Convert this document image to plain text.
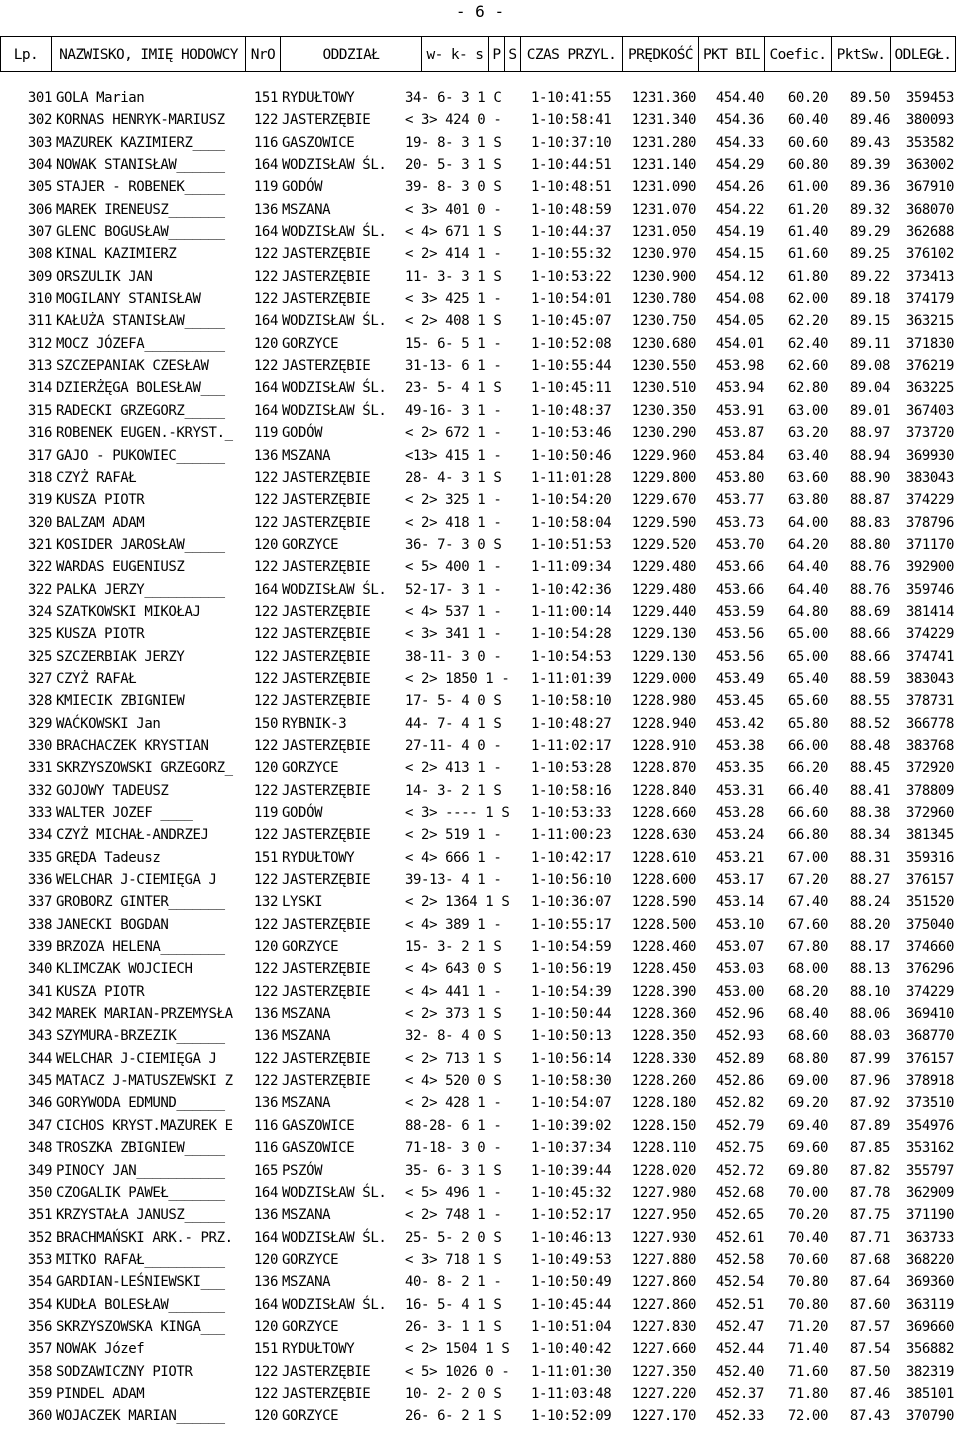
- 6 -
Lp.	NAZWISKO, IMIĘ HODOWCY NrO	ODDZIAŁ	w- k- s P S CZAS PRZYL. PRĘDKOŚĆ PKT BIL Coefic. PktSw. ODLEGŁ.
301 GOLA Marian	151 RYDUŁTOWY	34- 6- 3 1 C	1-10:41:55	1231.360	454.40	60.20	89.50	359453
302 KORNAS HENRYK-MARIUSZ	122 JASTERZĘBIE	< 3> 424 0 -	1-10:58:41	1231.340	454.36	60.40	89.46	380093
303 MAZUREK KAZIMIERZ____	116 GASZOWICE	19- 8- 3 1 S	1-10:37:10	1231.280	454.33	60.60	89.43	353582
304 NOWAK STANISŁAW______	164 WODZISŁAW ŚL.	20- 5- 3 1 S	1-10:44:51	1231.140	454.29	60.80	89.39	363002
305 STAJER - ROBENEK_____	119 GODÓW	39- 8- 3 0 S	1-10:48:51	1231.090	454.26	61.00	89.36	367910
306 MAREK IRENEUSZ_______	136 MSZANA	< 3> 401 0 -	1-10:48:59	1231.070	454.22	61.20	89.32	368070
307 GLENC BOGUSŁAW_______	164 WODZISŁAW ŚL.	< 4> 671 1 S	1-10:44:37	1231.050	454.19	61.40	89.29	362688
308 KINAL KAZIMIERZ	122 JASTERZĘBIE	< 2> 414 1 -	1-10:55:32	1230.970	454.15	61.60	89.25	376102
309 ORSZULIK JAN	122 JASTERZĘBIE	11- 3- 3 1 S	1-10:53:22	1230.900	454.12	61.80	89.22	373413
310 MOGILANY STANISŁAW	122 JASTERZĘBIE	< 3> 425 1 -	1-10:54:01	1230.780	454.08	62.00	89.18	374179
311 KAŁUŻA STANISŁAW_____	164 WODZISŁAW ŚL.	< 2> 408 1 S	1-10:45:07	1230.750	454.05	62.20	89.15	363215
312 MOCZ JÓZEFA__________	120 GORZYCE	15- 6- 5 1 -	1-10:52:08	1230.680	454.01	62.40	89.11	371830
313 SZCZEPANIAK CZESŁAW	122 JASTERZĘBIE	31-13- 6 1 -	1-10:55:44	1230.550	453.98	62.60	89.08	376219
314 DZIERŻĘGA BOLESŁAW___	164 WODZISŁAW ŚL.	23- 5- 4 1 S	1-10:45:11	1230.510	453.94	62.80	89.04	363225
315 RADECKI GRZEGORZ_____	164 WODZISŁAW ŚL.	49-16- 3 1 -	1-10:48:37	1230.350	453.91	63.00	89.01	367403
316 ROBENEK EUGEN.-KRYST._	119 GODÓW	< 2> 672 1 -	1-10:53:46	1230.290	453.87	63.20	88.97	373720
317 GAJO - PUKOWIEC______	136 MSZANA	<13> 415 1 -	1-10:50:46	1229.960	453.84	63.40	88.94	369930
318 CZYŻ RAFAŁ	122 JASTERZĘBIE	28- 4- 3 1 S	1-11:01:28	1229.800	453.80	63.60	88.90	383043
319 KUSZA PIOTR	122 JASTERZĘBIE	< 2> 325 1 -	1-10:54:20	1229.670	453.77	63.80	88.87	374229
320 BALZAM ADAM	122 JASTERZĘBIE	< 2> 418 1 -	1-10:58:04	1229.590	453.73	64.00	88.83	378796
321 KOSIDER JAROSŁAW_____	120 GORZYCE	36- 7- 3 0 S	1-10:51:53	1229.520	453.70	64.20	88.80	371170
322 WARDAS EUGENIUSZ	122 JASTERZĘBIE	< 5> 400 1 -	1-11:09:34	1229.480	453.66	64.40	88.76	392900
322 PALKA JERZY__________	164 WODZISŁAW ŚL.	52-17- 3 1 -	1-10:42:36	1229.480	453.66	64.40	88.76	359746
324 SZATKOWSKI MIKOŁAJ	122 JASTERZĘBIE	< 4> 537 1 -	1-11:00:14	1229.440	453.59	64.80	88.69	381414
325 KUSZA PIOTR	122 JASTERZĘBIE	< 3> 341 1 -	1-10:54:28	1229.130	453.56	65.00	88.66	374229
325 SZCZERBIAK JERZY	122 JASTERZĘBIE	38-11- 3 0 -	1-10:54:53	1229.130	453.56	65.00	88.66	374741
327 CZYŻ RAFAŁ	122 JASTERZĘBIE	< 2> 1850 1 -	1-11:01:39	1229.000	453.49	65.40	88.59	383043
328 KMIECIK ZBIGNIEW	122 JASTERZĘBIE	17- 5- 4 0 S	1-10:58:10	1228.980	453.45	65.60	88.55	378731
329 WAĆKOWSKI Jan	150 RYBNIK-3	44- 7- 4 1 S	1-10:48:27	1228.940	453.42	65.80	88.52	366778
330 BRACHACZEK KRYSTIAN	122 JASTERZĘBIE	27-11- 4 0 -	1-11:02:17	1228.910	453.38	66.00	88.48	383768
331 SKRZYSZOWSKI GRZEGORZ_	120 GORZYCE	< 2> 413 1 -	1-10:53:28	1228.870	453.35	66.20	88.45	372920
332 GOJOWY TADEUSZ	122 JASTERZĘBIE	14- 3- 2 1 S	1-10:58:16	1228.840	453.31	66.40	88.41	378809
333 WALTER JOZEF ____	119 GODÓW	< 3> ---- 1 S	1-10:53:33	1228.660	453.28	66.60	88.38	372960
334 CZYŻ MICHAŁ-ANDRZEJ	122 JASTERZĘBIE	< 2> 519 1 -	1-11:00:23	1228.630	453.24	66.80	88.34	381345
335 GRĘDA Tadeusz	151 RYDUŁTOWY	< 4> 666 1 -	1-10:42:17	1228.610	453.21	67.00	88.31	359316
336 WELCHAR J-CIEMIĘGA J	122 JASTERZĘBIE	39-13- 4 1 -	1-10:56:10	1228.600	453.17	67.20	88.27	376157
337 GROBORZ GINTER_______	132 LYSKI	< 2> 1364 1 S	1-10:36:07	1228.590	453.14	67.40	88.24	351520
338 JANECKI BOGDAN	122 JASTERZĘBIE	< 4> 389 1 -	1-10:55:17	1228.500	453.10	67.60	88.20	375040
339 BRZOZA HELENA________	120 GORZYCE	15- 3- 2 1 S	1-10:54:59	1228.460	453.07	67.80	88.17	374660
340 KLIMCZAK WOJCIECH	122 JASTERZĘBIE	< 4> 643 0 S	1-10:56:19	1228.450	453.03	68.00	88.13	376296
341 KUSZA PIOTR	122 JASTERZĘBIE	< 4> 441 1 -	1-10:54:39	1228.390	453.00	68.20	88.10	374229
342 MAREK MARIAN-PRZEMYSŁA	136 MSZANA	< 2> 373 1 S	1-10:50:44	1228.360	452.96	68.40	88.06	369410
343 SZYMURA-BRZEZIK______	136 MSZANA	32- 8- 4 0 S	1-10:50:13	1228.350	452.93	68.60	88.03	368770
344 WELCHAR J-CIEMIĘGA J	122 JASTERZĘBIE	< 2> 713 1 S	1-10:56:14	1228.330	452.89	68.80	87.99	376157
345 MATACZ J-MATUSZEWSKI Z	122 JASTERZĘBIE	< 4> 520 0 S	1-10:58:30	1228.260	452.86	69.00	87.96	378918
346 GORYWODA EDMUND______	136 MSZANA	< 2> 428 1 -	1-10:54:07	1228.180	452.82	69.20	87.92	373510
347 CICHOS KRYST.MAZUREK E	116 GASZOWICE	88-28- 6 1 -	1-10:39:02	1228.150	452.79	69.40	87.89	354976
348 TROSZKA ZBIGNIEW_____	116 GASZOWICE	71-18- 3 0 -	1-10:37:34	1228.110	452.75	69.60	87.85	353162
349 PINOCY JAN___________	165 PSZÓW	35- 6- 3 1 S	1-10:39:44	1228.020	452.72	69.80	87.82	355797
350 CZOGALIK PAWEŁ_______	164 WODZISŁAW ŚL.	< 5> 496 1 -	1-10:45:32	1227.980	452.68	70.00	87.78	362909
351 KRZYSTAŁA JANUSZ_____	136 MSZANA	< 2> 748 1 -	1-10:52:17	1227.950	452.65	70.20	87.75	371190
352 BRACHMAŃSKI ARK.- PRZ.	164 WODZISŁAW ŚL.	25- 5- 2 0 S	1-10:46:13	1227.930	452.61	70.40	87.71	363733
353 MITKO RAFAŁ__________	120 GORZYCE	< 3> 718 1 S	1-10:49:53	1227.880	452.58	70.60	87.68	368220
354 GARDIAN-LEŚNIEWSKI___	136 MSZANA	40- 8- 2 1 -	1-10:50:49	1227.860	452.54	70.80	87.64	369360
354 KUDŁA BOLESŁAW_______	164 WODZISŁAW ŚL.	16- 5- 4 1 S	1-10:45:44	1227.860	452.51	70.80	87.60	363119
356 SKRZYSZOWSKA KINGA___	120 GORZYCE	26- 3- 1 1 S	1-10:51:04	1227.830	452.47	71.20	87.57	369660
357 NOWAK Józef	151 RYDUŁTOWY	< 2> 1504 1 S	1-10:40:42	1227.660	452.44	71.40	87.54	356882
358 SODZAWICZNY PIOTR	122 JASTERZĘBIE	< 5> 1026 0 -	1-11:01:30	1227.350	452.40	71.60	87.50	382319
359 PINDEL ADAM	122 JASTERZĘBIE	10- 2- 2 0 S	1-11:03:48	1227.220	452.37	71.80	87.46	385101
360 WOJACZEK MARIAN______	120 GORZYCE	26- 6- 2 1 S	1-10:52:09	1227.170	452.33	72.00	87.43	370790
